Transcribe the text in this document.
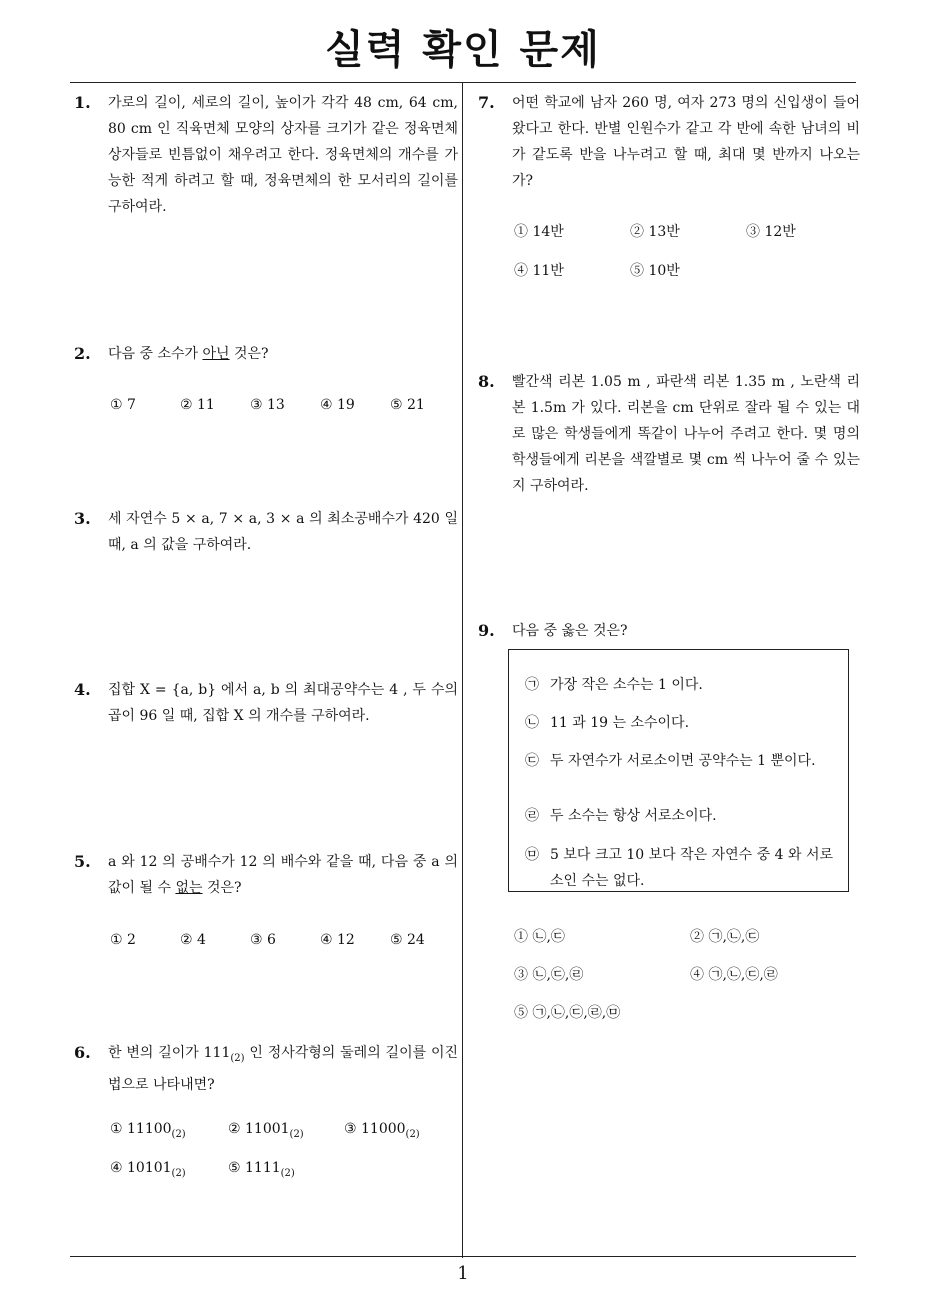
실력 확인 문제
1. 가로의 길이, 세로의 길이, 높이가 각각 48 cm, 64 cm, 80 cm 인 직육면체 모양의 상자를 크기가 같은 정육면체 상자들로 빈틈없이 채우려고 한다. 정육면체의 개수를 가능한 적게 하려고 할 때, 정육면체의 한 모서리의 길이를 구하여라.
2. 다음 중 소수가 아닌 것은?
① 7	② 11	③ 13	④ 19	⑤ 21
3. 세 자연수 5 × a, 7 × a, 3 × a 의 최소공배수가 420 일 때, a 의 값을 구하여라.
4. 집합 X = {a, b} 에서 a, b 의 최대공약수는 4 , 두 수의 곱이 96 일 때, 집합 X 의 개수를 구하여라.
5. a 와 12 의 공배수가 12 의 배수와 같을 때, 다음 중 a 의 값이 될 수 없는 것은?
① 2	② 4	③ 6	④ 12	⑤ 24
6. 한 변의 길이가 $111_{(2)}$ 인 정사각형의 둘레의 길이를 이진법으로 나타내면?
① $11100_{(2)}$	② $11001_{(2)}$	③ $11000_{(2)}$
④ $10101_{(2)}$	⑤ $1111_{(2)}$
7. 어떤 학교에 남자 260 명, 여자 273 명의 신입생이 들어왔다고 한다. 반별 인원수가 같고 각 반에 속한 남녀의 비가 같도록 반을 나누려고 할 때, 최대 몇 반까지 나오는가?
① 14반	② 13반	③ 12반
④ 11반	⑤ 10반
8. 빨간색 리본 1.05 m , 파란색 리본 1.35 m , 노란색 리본 1.5m 가 있다. 리본을 cm 단위로 잘라 될 수 있는 대로 많은 학생들에게 똑같이 나누어 주려고 한다. 몇 명의 학생들에게 리본을 색깔별로 몇 cm 씩 나누어 줄 수 있는지 구하여라.
9. 다음 중 옳은 것은?
㉠ 가장 작은 소수는 1 이다.
㉡ 11 과 19 는 소수이다.
㉢ 두 자연수가 서로소이면 공약수는 1 뿐이다.
㉣ 두 소수는 항상 서로소이다.
㉤ 5 보다 크고 10 보다 작은 자연수 중 4 와 서로소인 수는 없다.
① ㉡,㉢	② ㉠,㉡,㉢
③ ㉡,㉢,㉣	④ ㉠,㉡,㉢,㉣
⑤ ㉠,㉡,㉢,㉣,㉤
1
